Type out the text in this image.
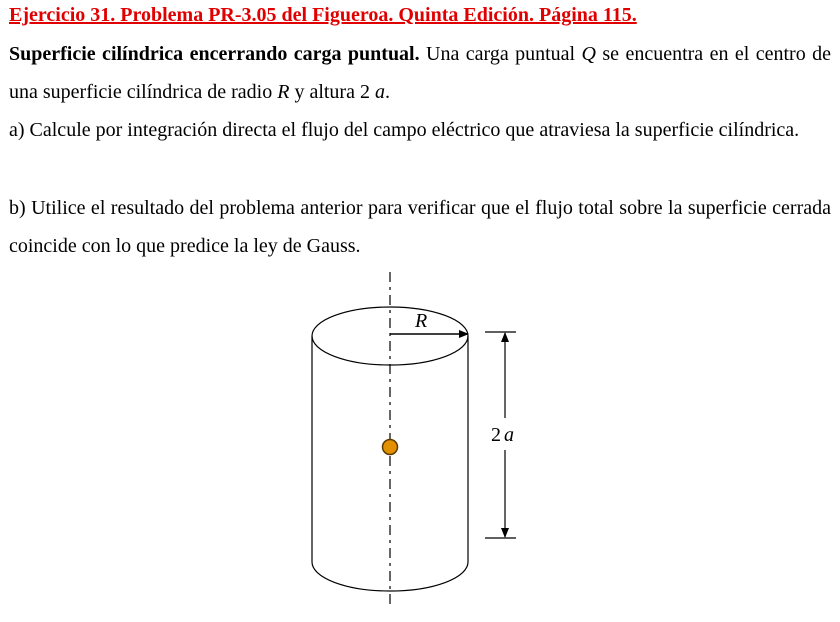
Ejercicio 31. Problema PR-3.05 del Figueroa. Quinta Edición. Página 115.

Superficie cilíndrica encerrando carga puntual. Una carga puntual Q se encuentra en el centro de una superficie cilíndrica de radio R y altura 2 a.

a) Calcule por integración directa el flujo del campo eléctrico que atraviesa la superficie cilíndrica.

b) Utilice el resultado del problema anterior para verificar que el flujo total sobre la superficie cerrada coincide con lo que predice la ley de Gauss.

R
2 a
